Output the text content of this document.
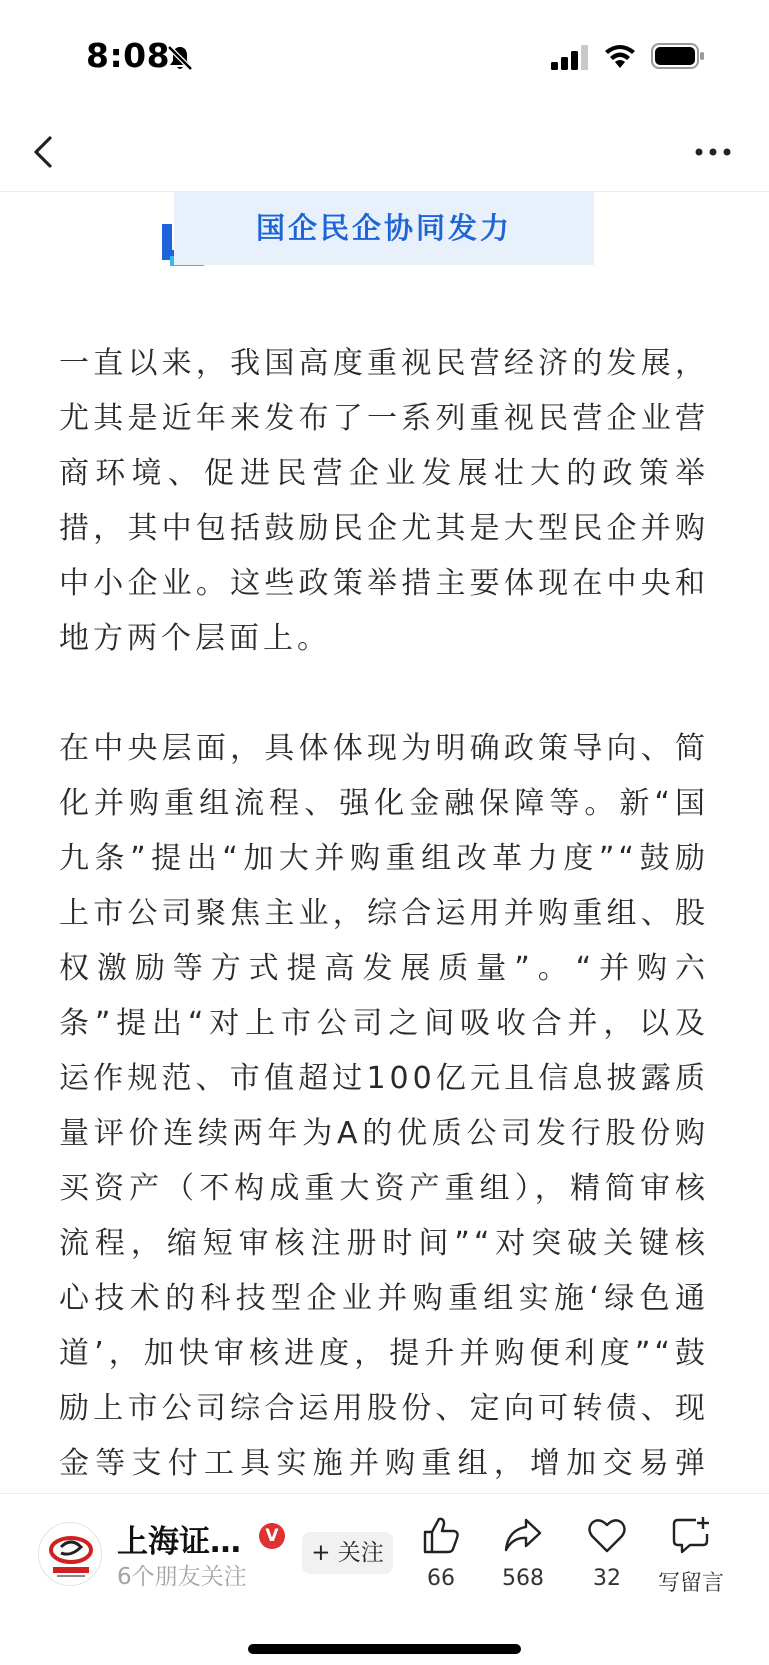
8:08
国企民企协同发力

一直以来，我国高度重视民营经济的发展，尤其是近年来发布了一系列重视民营企业营商环境、促进民营企业发展壮大的政策举措，其中包括鼓励民企尤其是大型民企并购中小企业。这些政策举措主要体现在中央和地方两个层面上。

在中央层面，具体体现为明确政策导向、简化并购重组流程、强化金融保障等。新“国九条”提出“加大并购重组改革力度”“鼓励上市公司聚焦主业，综合运用并购重组、股权激励等方式提高发展质量”。“并购六条”提出“对上市公司之间吸收合并，以及运作规范、市值超过100亿元且信息披露质量评价连续两年为A的优质公司发行股份购买资产（不构成重大资产重组），精简审核流程，缩短审核注册时间”“对突破关键核心技术的科技型企业并购重组实施‘绿色通道’，加快审核进度，提升并购便利度”“鼓励上市公司综合运用股份、定向可转债、现金等支付工具实施并购重组，增加交易弹

上海证…	V
6个朋友关注
+ 关注
66	568	32	写留言
